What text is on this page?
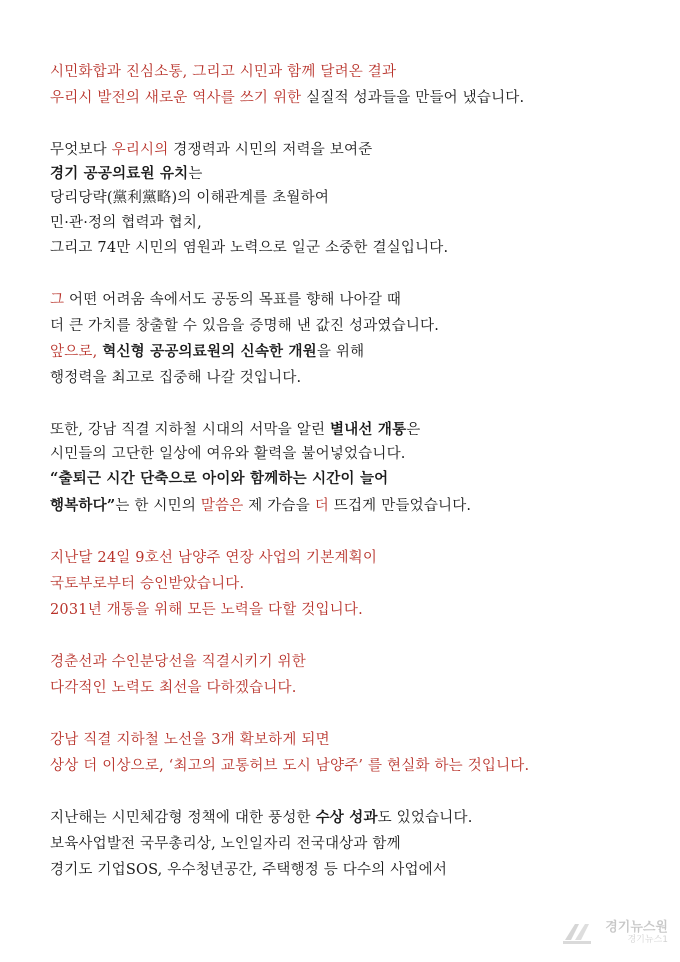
시민화합과 진심소통, 그리고 시민과 함께 달려온 결과
우리시 발전의 새로운 역사를 쓰기 위한 실질적 성과들을 만들어 냈습니다.
무엇보다 우리시의 경쟁력과 시민의 저력을 보여준
경기 공공의료원 유치는
당리당략(黨利黨略)의 이해관계를 초월하여
민·관·정의 협력과 협치,
그리고 74만 시민의 염원과 노력으로 일군 소중한 결실입니다.
그 어떤 어려움 속에서도 공동의 목표를 향해 나아갈 때
더 큰 가치를 창출할 수 있음을 증명해 낸 값진 성과였습니다.
앞으로, 혁신형 공공의료원의 신속한 개원을 위해
행정력을 최고로 집중해 나갈 것입니다.
또한, 강남 직결 지하철 시대의 서막을 알린 별내선 개통은
시민들의 고단한 일상에 여유와 활력을 불어넣었습니다.
“출퇴근 시간 단축으로 아이와 함께하는 시간이 늘어
행복하다”는 한 시민의 말씀은 제 가슴을 더 뜨겁게 만들었습니다.
지난달 24일 9호선 남양주 연장 사업의 기본계획이
국토부로부터 승인받았습니다.
2031년 개통을 위해 모든 노력을 다할 것입니다.
경춘선과 수인분당선을 직결시키기 위한
다각적인 노력도 최선을 다하겠습니다.
강남 직결 지하철 노선을 3개 확보하게 되면
상상 더 이상으로, ‘최고의 교통허브 도시 남양주’ 를 현실화 하는 것입니다.
지난해는 시민체감형 정책에 대한 풍성한 수상 성과도 있었습니다.
보육사업발전 국무총리상, 노인일자리 전국대상과 함께
경기도 기업SOS, 우수청년공간, 주택행정 등 다수의 사업에서
경기뉴스원
경기뉴스1
